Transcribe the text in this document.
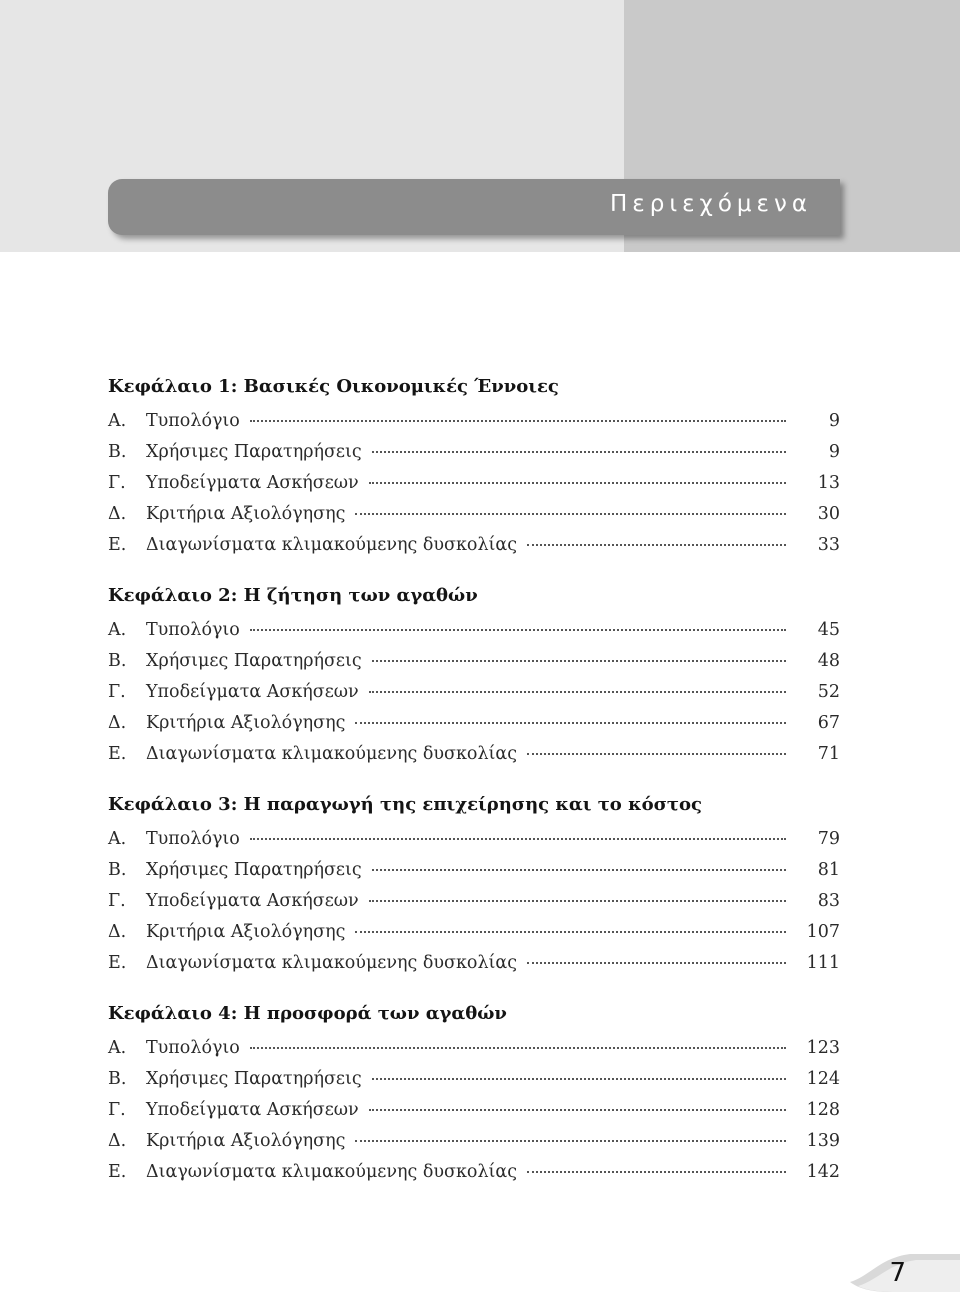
Περιεχόμενα
Κεφάλαιο 1: Βασικές Οικονομικές Έννοιες
Α.	Τυπολόγιο	9
Β.	Χρήσιμες Παρατηρήσεις	9
Γ.	Υποδείγματα Ασκήσεων	13
Δ.	Κριτήρια Αξιολόγησης	30
Ε.	Διαγωνίσματα κλιμακούμενης δυσκολίας	33
Κεφάλαιο 2: Η ζήτηση των αγαθών
Α.	Τυπολόγιο	45
Β.	Χρήσιμες Παρατηρήσεις	48
Γ.	Υποδείγματα Ασκήσεων	52
Δ.	Κριτήρια Αξιολόγησης	67
Ε.	Διαγωνίσματα κλιμακούμενης δυσκολίας	71
Κεφάλαιο 3: Η παραγωγή της επιχείρησης και το κόστος
Α.	Τυπολόγιο	79
Β.	Χρήσιμες Παρατηρήσεις	81
Γ.	Υποδείγματα Ασκήσεων	83
Δ.	Κριτήρια Αξιολόγησης	107
Ε.	Διαγωνίσματα κλιμακούμενης δυσκολίας	111
Κεφάλαιο 4: Η προσφορά των αγαθών
Α.	Τυπολόγιο	123
Β.	Χρήσιμες Παρατηρήσεις	124
Γ.	Υποδείγματα Ασκήσεων	128
Δ.	Κριτήρια Αξιολόγησης	139
Ε.	Διαγωνίσματα κλιμακούμενης δυσκολίας	142
7
